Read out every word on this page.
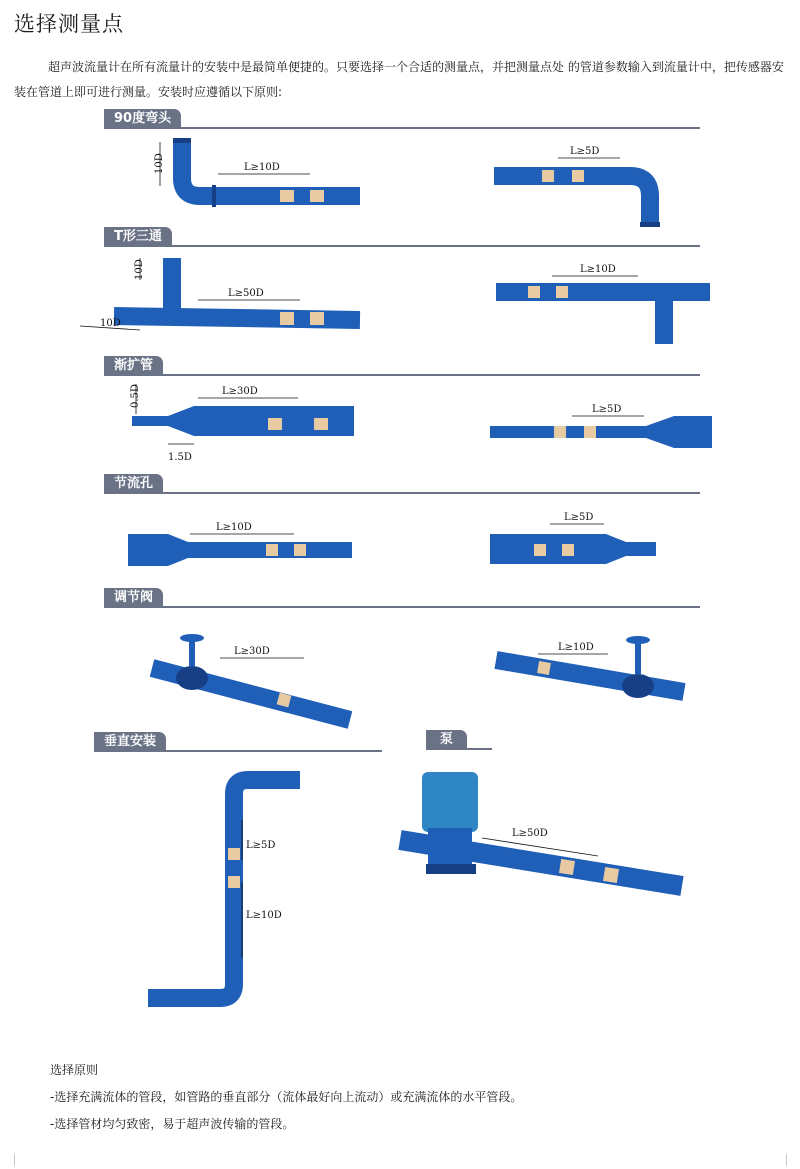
选择测量点

超声波流量计在所有流量计的安装中是最简单便捷的。只要选择一个合适的测量点，并把测量点处 的管道参数输入到流量计中，把传感器安装在管道上即可进行测量。安装时应遵循以下原则:

90度弯头
10D	L≥10D
L≥5D
T形三通
10D
10D
L≥50D
L≥10D
渐扩管
0.5D
1.5D
L≥30D
L≥5D
节流孔
L≥10D
L≥5D
调节阀
L≥30D	L≥10D
垂直安装
L≥5D
L≥10D
泵
L≥50D
选择原则
-选择充满流体的管段，如管路的垂直部分（流体最好向上流动）或充满流体的水平管段。
-选择管材均匀致密，易于超声波传输的管段。
